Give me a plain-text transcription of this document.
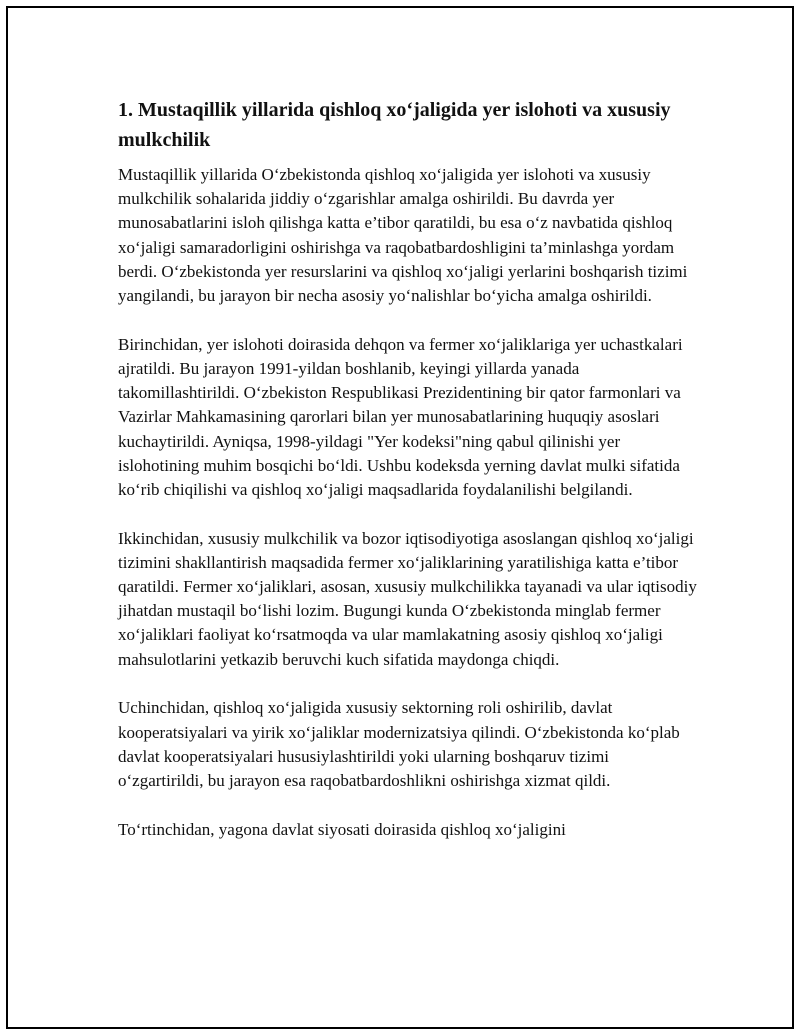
1. Mustaqillik yillarida qishloq xo‘jaligida yer islohoti va xususiy mulkchilik

Mustaqillik yillarida O‘zbekistonda qishloq xo‘jaligida yer islohoti va xususiy mulkchilik sohalarida jiddiy o‘zgarishlar amalga oshirildi. Bu davrda yer munosabatlarini isloh qilishga katta e’tibor qaratildi, bu esa o‘z navbatida qishloq xo‘jaligi samaradorligini oshirishga va raqobatbardoshligini ta’minlashga yordam berdi. O‘zbekistonda yer resurslarini va qishloq xo‘jaligi yerlarini boshqarish tizimi yangilandi, bu jarayon bir necha asosiy yo‘nalishlar bo‘yicha amalga oshirildi.

Birinchidan, yer islohoti doirasida dehqon va fermer xo‘jaliklariga yer uchastkalari ajratildi. Bu jarayon 1991-yildan boshlanib, keyingi yillarda yanada takomillashtirildi. O‘zbekiston Respublikasi Prezidentining bir qator farmonlari va Vazirlar Mahkamasining qarorlari bilan yer munosabatlarining huquqiy asoslari kuchaytirildi. Ayniqsa, 1998-yildagi "Yer kodeksi"ning qabul qilinishi yer islohotining muhim bosqichi bo‘ldi. Ushbu kodeksda yerning davlat mulki sifatida ko‘rib chiqilishi va qishloq xo‘jaligi maqsadlarida foydalanilishi belgilandi.

Ikkinchidan, xususiy mulkchilik va bozor iqtisodiyotiga asoslangan qishloq xo‘jaligi tizimini shakllantirish maqsadida fermer xo‘jaliklarining yaratilishiga katta e’tibor qaratildi. Fermer xo‘jaliklari, asosan, xususiy mulkchilikka tayanadi va ular iqtisodiy jihatdan mustaqil bo‘lishi lozim. Bugungi kunda O‘zbekistonda minglab fermer xo‘jaliklari faoliyat ko‘rsatmoqda va ular mamlakatning asosiy qishloq xo‘jaligi mahsulotlarini yetkazib beruvchi kuch sifatida maydonga chiqdi.

Uchinchidan, qishloq xo‘jaligida xususiy sektorning roli oshirilib, davlat kooperatsiyalari va yirik xo‘jaliklar modernizatsiya qilindi. O‘zbekistonda ko‘plab davlat kooperatsiyalari hususiylashtirildi yoki ularning boshqaruv tizimi o‘zgartirildi, bu jarayon esa raqobatbardoshlikni oshirishga xizmat qildi.

To‘rtinchidan, yagona davlat siyosati doirasida qishloq xo‘jaligini
